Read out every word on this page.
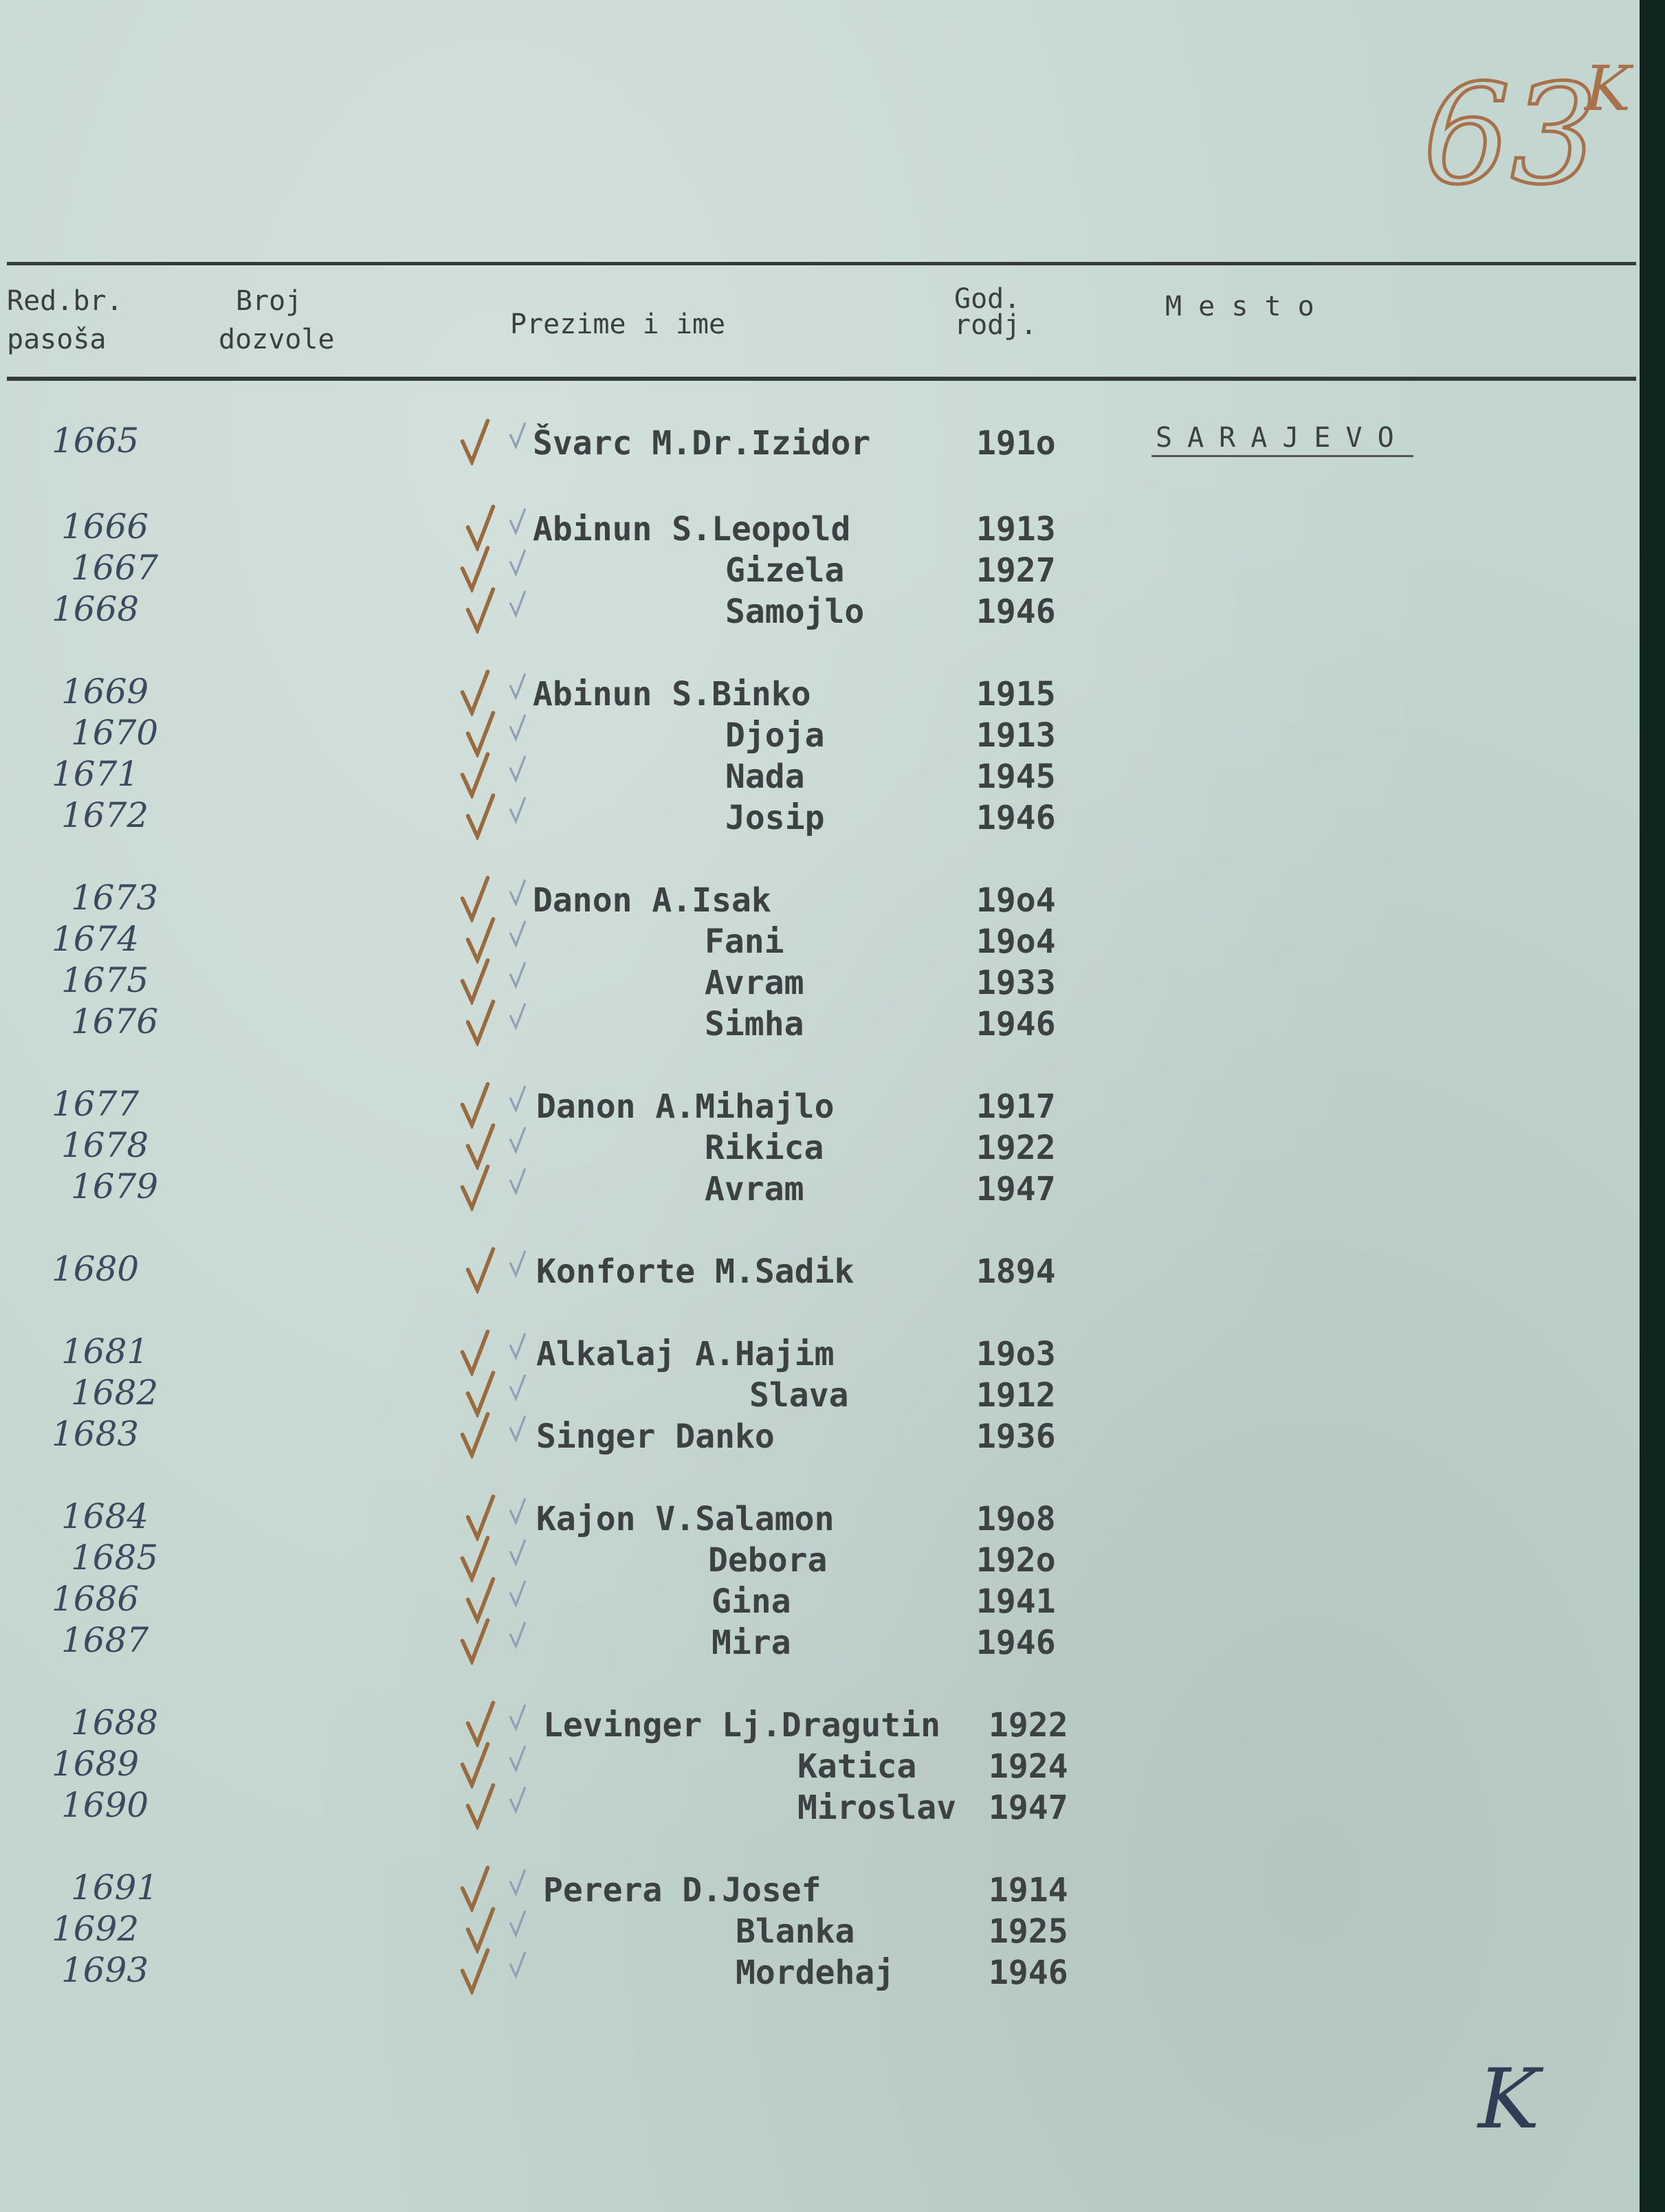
63
K
Red.br.
pasoša
Broj
dozvole	Prezime i ime
God.
rodj.
M e s t o
SARAJEVO
1665	Švarc M.Dr.Izidor	191o
1666	Abinun S.Leopold	1913
1667	Gizela	1927
1668	Samojlo	1946
1669	Abinun S.Binko	1915
1670	Djoja	1913
1671	Nada	1945
1672	Josip	1946
1673	Danon A.Isak	19o4
1674	Fani	19o4
1675	Avram	1933
1676	Simha	1946
1677	Danon A.Mihajlo	1917
1678	Rikica	1922
1679	Avram	1947
1680	Konforte M.Sadik	1894
1681	Alkalaj A.Hajim	19o3
1682	Slava	1912
1683	Singer Danko	1936
1684	Kajon V.Salamon	19o8
1685	Debora	192o
1686	Gina	1941
1687	Mira	1946
1688	Levinger Lj.Dragutin 1922
1689	Katica 1924
1690	Miroslav 1947
1691	Perera D.Josef	1914
1692	Blanka	1925
1693	Mordehaj	1946
K
